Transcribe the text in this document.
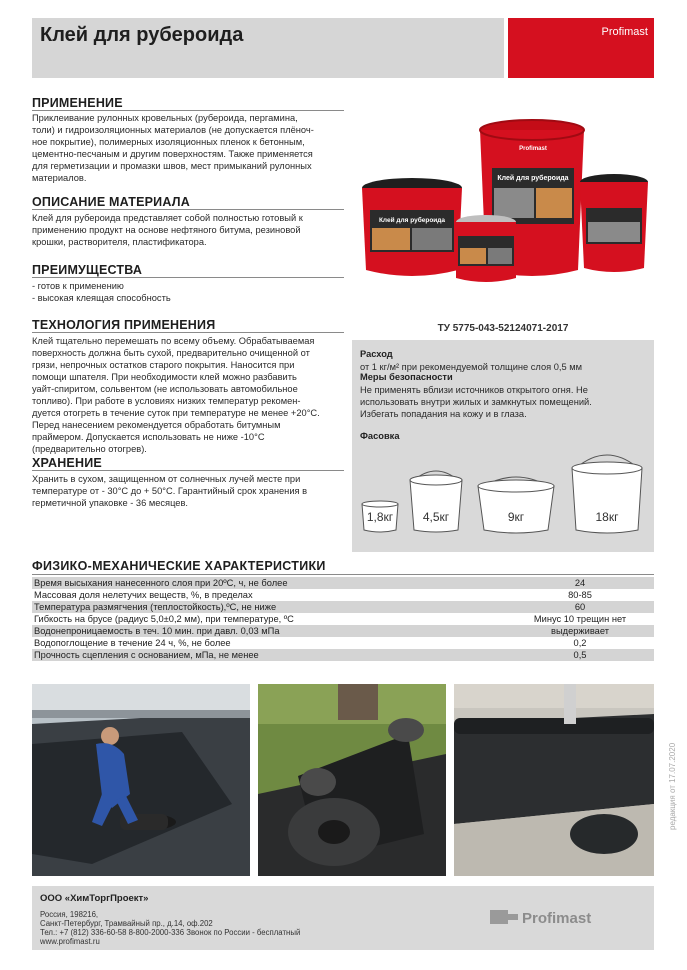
Клей для рубероида	Profimast
ПРИМЕНЕНИЕ

Приклеивание рулонных кровельных (рубероида, пергамина,

толи) и гидроизоляционных материалов (не допускается плёноч-

ное покрытие), полимерных изоляционных пленок к бетонным,

цементно-песчаным и другим поверхностям. Также применяется

для герметизации и промазки швов, мест примыканий рулонных

материалов.

ОПИСАНИЕ МАТЕРИАЛА

Клей для рубероида представляет собой полностью готовый к

применению продукт на основе нефтяного битума, резиновой

крошки, растворителя, пластификатора.

ПРЕИМУЩЕСТВА

- готов к применению

- высокая клеящая способность

ТЕХНОЛОГИЯ ПРИМЕНЕНИЯ

Клей тщательно перемешать по всему объему. Обрабатываемая

поверхность должна быть сухой, предварительно очищенной от

грязи, непрочных остатков старого покрытия. Наносится при

помощи шпателя. При необходимости клей можно разбавить

уайт-спиритом, сольвентом (не использовать автомобильное

топливо). При работе в условиях низких температур рекомен-

дуется отогреть в течение суток при температуре не менее +20°С.

Перед нанесением рекомендуется обработать битумным

праймером. Допускается использовать не ниже -10°С

(предварительно отогрев).

ХРАНЕНИЕ

Хранить в сухом, защищенном от солнечных лучей месте при

температуре от - 30°С до + 50°С. Гарантийный срок хранения в

герметичной упаковке - 36 месяцев.

Клей для рубероида
Profimast
Клей для рубероида
ТУ 5775-043-52124071-2017
Расход
от 1 кг/м² при рекомендуемой толщине слоя 0,5 мм
Меры безопасности

Не применять вблизи источников открытого огня. Не

использовать внутри жилых и замкнутых помещений.

Избегать попадания на кожу и в глаза.

Фасовка
1,8кг	4,5кг	9кг	18кг
ФИЗИКО-МЕХАНИЧЕСКИЕ ХАРАКТЕРИСТИКИ
Время высыхания нанесенного слоя при 20ºС, ч, не более	24
Массовая доля нелетучих веществ, %, в пределах	80-85
Температура размягчения (теплостойкость),ºС, не ниже	60
Гибкость на брусе (радиус 5,0±0,2 мм), при температуре, ºС	Минус 10 трещин нет
Водонепроницаемость в теч. 10 мин. при давл. 0,03 мПа	выдерживает
Водопоглощение в течение 24 ч, %, не более	0,2
Прочность сцепления с основанием, мПа, не менее	0,5
ООО «ХимТоргПроект»
Россия, 198216,
Санкт-Петербург, Трамвайный пр., д.14, оф.202
Тел.: +7 (812) 336-60-58 8-800-2000-336 Звонок по России - бесплатный
www.profimast.ru
Profimast
редакция от 17.07.2020
